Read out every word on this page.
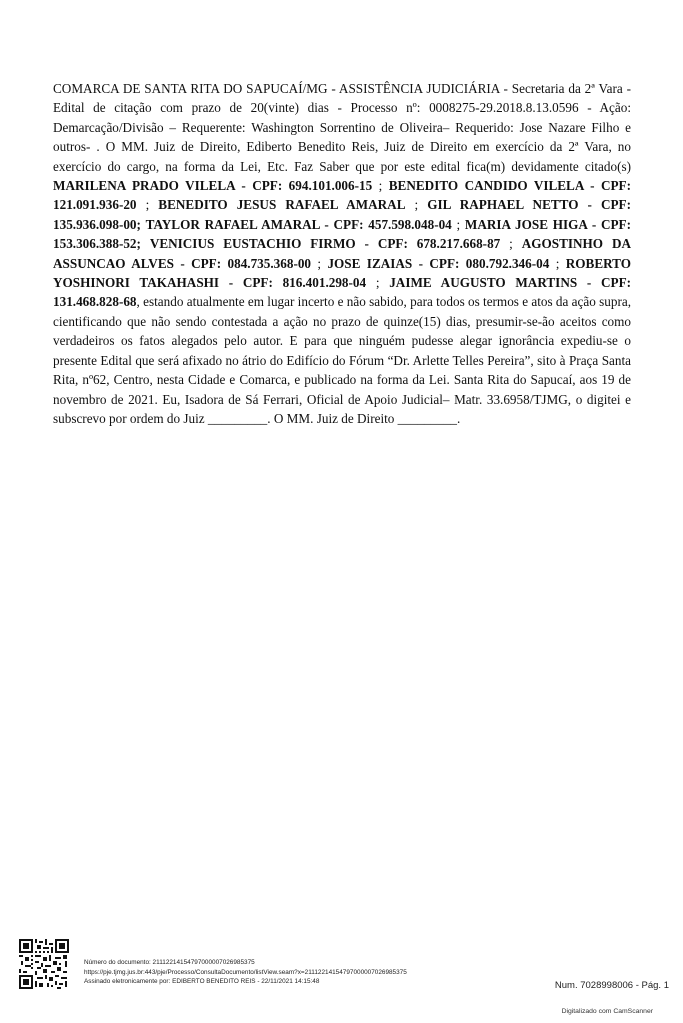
COMARCA DE SANTA RITA DO SAPUCAÍ/MG - ASSISTÊNCIA JUDICIÁRIA - Secretaria da 2ª Vara - Edital de citação com prazo de 20(vinte) dias - Processo nº: 0008275-29.2018.8.13.0596 - Ação: Demarcação/Divisão – Requerente: Washington Sorrentino de Oliveira– Requerido: Jose Nazare Filho e outros- . O MM. Juiz de Direito, Ediberto Benedito Reis, Juiz de Direito em exercício da 2ª Vara, no exercício do cargo, na forma da Lei, Etc. Faz Saber que por este edital fica(m) devidamente citado(s) MARILENA PRADO VILELA - CPF: 694.101.006-15 ; BENEDITO CANDIDO VILELA - CPF: 121.091.936-20 ; BENEDITO JESUS RAFAEL AMARAL ; GIL RAPHAEL NETTO - CPF: 135.936.098-00; TAYLOR RAFAEL AMARAL - CPF: 457.598.048-04 ; MARIA JOSE HIGA - CPF: 153.306.388-52; VENICIUS EUSTACHIO FIRMO - CPF: 678.217.668-87 ; AGOSTINHO DA ASSUNCAO ALVES - CPF: 084.735.368-00 ; JOSE IZAIAS - CPF: 080.792.346-04 ; ROBERTO YOSHINORI TAKAHASHI - CPF: 816.401.298-04 ; JAIME AUGUSTO MARTINS - CPF: 131.468.828-68, estando atualmente em lugar incerto e não sabido, para todos os termos e atos da ação supra, cientificando que não sendo contestada a ação no prazo de quinze(15) dias, presumir-se-ão aceitos como verdadeiros os fatos alegados pelo autor. E para que ninguém pudesse alegar ignorância expediu-se o presente Edital que será afixado no átrio do Edifício do Fórum “Dr. Arlette Telles Pereira”, sito à Praça Santa Rita, nº62, Centro, nesta Cidade e Comarca, e publicado na forma da Lei. Santa Rita do Sapucaí, aos 19 de novembro de 2021. Eu, Isadora de Sá Ferrari, Oficial de Apoio Judicial– Matr. 33.6958/TJMG, o digitei e subscrevo por ordem do Juiz _________. O MM. Juiz de Direito _________.
Número do documento: 21112214154797000007026985375
https://pje.tjmg.jus.br:443/pje/Processo/ConsultaDocumento/listView.seam?x=21112214154797000007026985375
Assinado eletronicamente por: EDIBERTO BENEDITO REIS - 22/11/2021 14:15:48	Num. 7028998006 - Pág. 1
Digitalizado com CamScanner
